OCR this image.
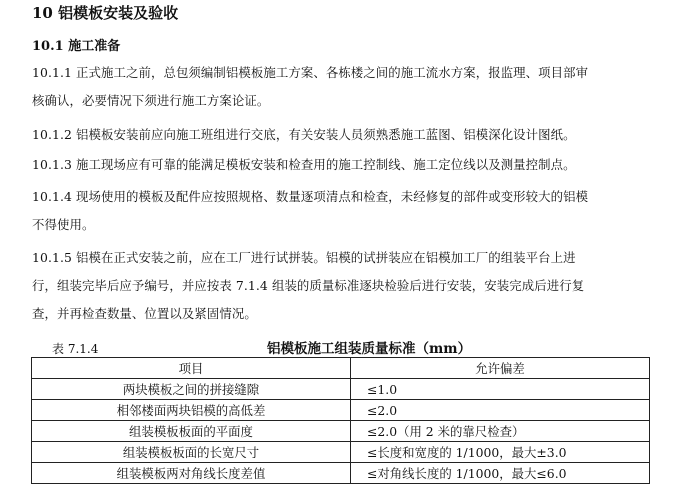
10 铝模板安装及验收
10.1 施工准备
10.1.1 正式施工之前，总包须编制铝模板施工方案、各栋楼之间的施工流水方案，报监理、项目部审
核确认，必要情况下须进行施工方案论证。
10.1.2 铝模板安装前应向施工班组进行交底，有关安装人员须熟悉施工蓝图、铝模深化设计图纸。
10.1.3 施工现场应有可靠的能满足模板安装和检查用的施工控制线、施工定位线以及测量控制点。
10.1.4 现场使用的模板及配件应按照规格、数量逐项清点和检查，未经修复的部件或变形较大的铝模
不得使用。
10.1.5 铝模在正式安装之前，应在工厂进行试拼装。铝模的试拼装应在铝模加工厂的组装平台上进
行，组装完毕后应予编号，并应按表 7.1.4 组装的质量标准逐块检验后进行安装，安装完成后进行复
查，并再检查数量、位置以及紧固情况。
表 7.1.4	铝模板施工组装质量标准（mm）
项目	允许偏差
两块模板之间的拼接缝隙	≤1.0
相邻楼面两块铝模的高低差	≤2.0
组装模板板面的平面度	≤2.0（用 2 米的靠尺检查）
组装模板板面的长宽尺寸	≤长度和宽度的 1/1000，最大±3.0
组装模板两对角线长度差值	≤对角线长度的 1/1000，最大≤6.0
